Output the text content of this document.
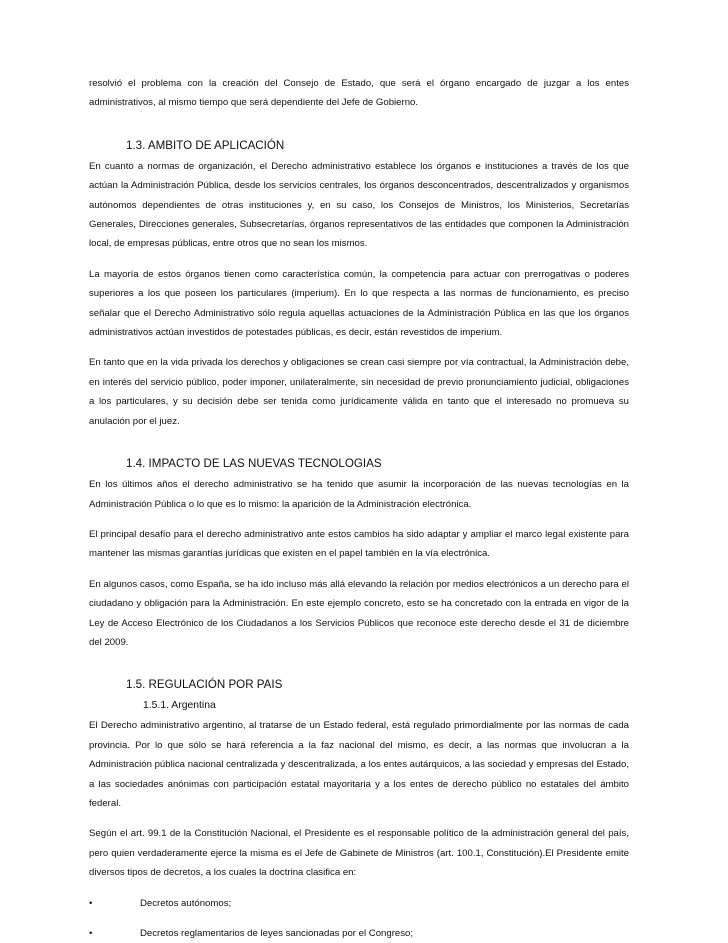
resolvió el problema con la creación del Consejo de Estado, que será el órgano encargado de juzgar a los entes administrativos, al mismo tiempo que será dependiente del Jefe de Gobierno.

1.3. AMBITO DE APLICACIÓN

En cuanto a normas de organización, el Derecho administrativo establece los órganos e instituciones a través de los que actúan la Administración Pública, desde los servicios centrales, los órganos desconcentrados, descentralizados y organismos autónomos dependientes de otras instituciones y, en su caso, los Consejos de Ministros, los Ministerios, Secretarías Generales, Direcciones generales, Subsecretarías, órganos representativos de las entidades que componen la Administración local, de empresas públicas, entre otros que no sean los mismos.

La mayoría de estos órganos tienen como característica común, la competencia para actuar con prerrogativas o poderes superiores a los que poseen los particulares (imperium). En lo que respecta a las normas de funcionamiento, es preciso señalar que el Derecho Administrativo sólo regula aquellas actuaciones de la Administración Pública en las que los órganos administrativos actúan investidos de potestades públicas, es decir, están revestidos de imperium.

En tanto que en la vida privada los derechos y obligaciones se crean casi siempre por vía contractual, la Administración debe, en interés del servicio público, poder imponer, unilateralmente, sin necesidad de previo pronunciamiento judicial, obligaciones a los particulares, y su decisión debe ser tenida como jurídicamente válida en tanto que el interesado no promueva su anulación por el juez.

1.4. IMPACTO DE LAS NUEVAS TECNOLOGIAS

En los últimos años el derecho administrativo se ha tenido que asumir la incorporación de las nuevas tecnologías en la Administración Pública o lo que es lo mismo: la aparición de la Administración electrónica.

El principal desafío para el derecho administrativo ante estos cambios ha sido adaptar y ampliar el marco legal existente para mantener las mismas garantías jurídicas que existen en el papel también en la vía electrónica.

En algunos casos, como España, se ha ido incluso más allá elevando la relación por medios electrónicos a un derecho para el ciudadano y obligación para la Administración. En este ejemplo concreto, esto se ha concretado con la entrada en vigor de la Ley de Acceso Electrónico de los Ciudadanos a los Servicios Públicos que reconoce este derecho desde el 31 de diciembre del 2009.

1.5. REGULACIÓN POR PAIS
1.5.1. Argentina

El Derecho administrativo argentino, al tratarse de un Estado federal, está regulado primordialmente por las normas de cada provincia. Por lo que sólo se hará referencia a la faz nacional del mismo, es decir, a las normas que involucran a la Administración pública nacional centralizada y descentralizada, a los entes autárquicos, a las sociedad y empresas del Estado, a las sociedades anónimas con participación estatal mayoritaria y a los entes de derecho público no estatales del ámbito federal.

Según el art. 99.1 de la Constitución Nacional, el Presidente es el responsable político de la administración general del país, pero quien verdaderamente ejerce la misma es el Jefe de Gabinete de Ministros (art. 100.1, Constitución).El Presidente emite diversos tipos de decretos, a los cuales la doctrina clasifica en:

•	Decretos autónomos;
•	Decretos reglamentarios de leyes sancionadas por el Congreso;
